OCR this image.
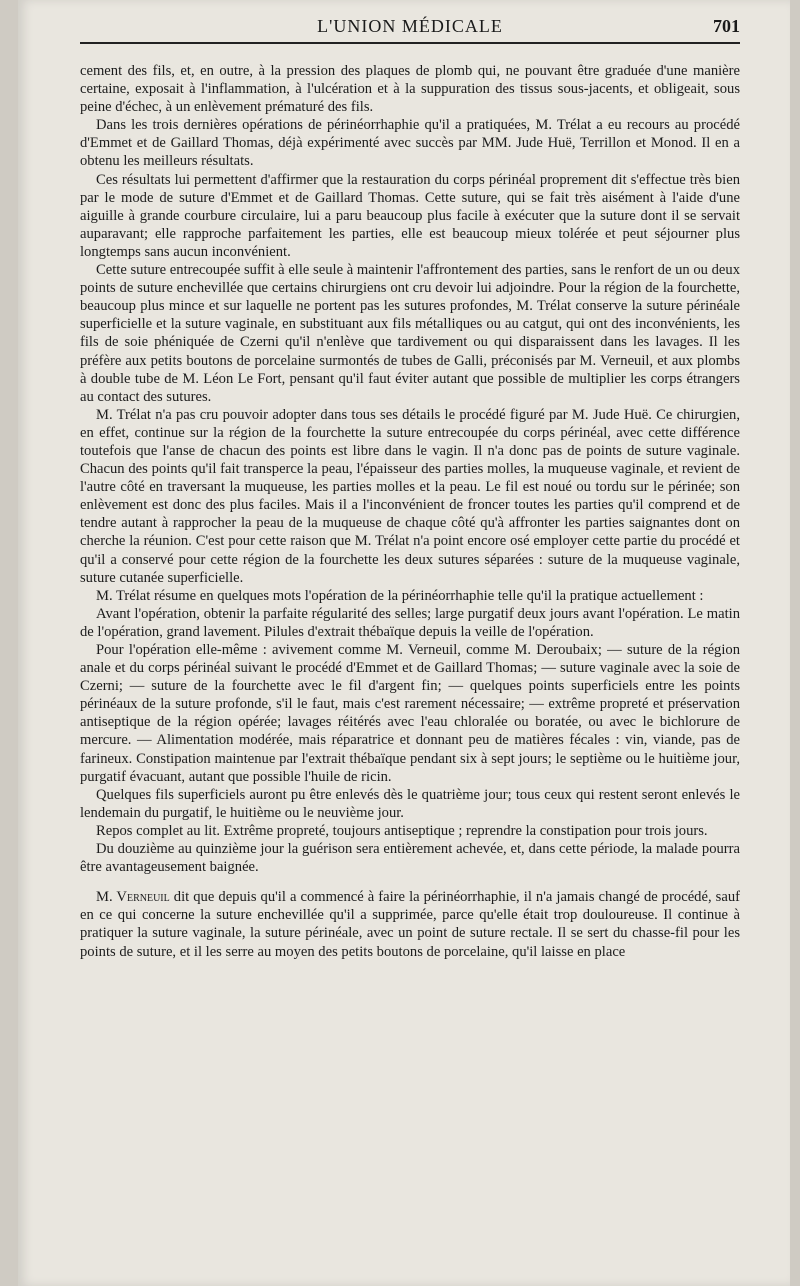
L'UNION MÉDICALE	701

cement des fils, et, en outre, à la pression des plaques de plomb qui, ne pouvant être graduée d'une manière certaine, exposait à l'inflammation, à l'ulcération et à la suppuration des tissus sous-jacents, et obligeait, sous peine d'échec, à un enlèvement prématuré des fils.

Dans les trois dernières opérations de périnéorrhaphie qu'il a pratiquées, M. Trélat a eu recours au procédé d'Emmet et de Gaillard Thomas, déjà expérimenté avec succès par MM. Jude Huë, Terrillon et Monod. Il en a obtenu les meilleurs résultats.

Ces résultats lui permettent d'affirmer que la restauration du corps périnéal proprement dit s'effectue très bien par le mode de suture d'Emmet et de Gaillard Thomas. Cette suture, qui se fait très aisément à l'aide d'une aiguille à grande courbure circulaire, lui a paru beaucoup plus facile à exécuter que la suture dont il se servait auparavant; elle rapproche parfaitement les parties, elle est beaucoup mieux tolérée et peut séjourner plus longtemps sans aucun inconvénient.

Cette suture entrecoupée suffit à elle seule à maintenir l'affrontement des parties, sans le renfort de un ou deux points de suture enchevillée que certains chirurgiens ont cru devoir lui adjoindre. Pour la région de la fourchette, beaucoup plus mince et sur laquelle ne portent pas les sutures profondes, M. Trélat conserve la suture périnéale superficielle et la suture vaginale, en substituant aux fils métalliques ou au catgut, qui ont des inconvénients, les fils de soie phéniquée de Czerni qu'il n'enlève que tardivement ou qui disparaissent dans les lavages. Il les préfère aux petits boutons de porcelaine surmontés de tubes de Galli, préconisés par M. Verneuil, et aux plombs à double tube de M. Léon Le Fort, pensant qu'il faut éviter autant que possible de multiplier les corps étrangers au contact des sutures.

M. Trélat n'a pas cru pouvoir adopter dans tous ses détails le procédé figuré par M. Jude Huë. Ce chirurgien, en effet, continue sur la région de la fourchette la suture entrecoupée du corps périnéal, avec cette différence toutefois que l'anse de chacun des points est libre dans le vagin. Il n'a donc pas de points de suture vaginale. Chacun des points qu'il fait transperce la peau, l'épaisseur des parties molles, la muqueuse vaginale, et revient de l'autre côté en traversant la muqueuse, les parties molles et la peau. Le fil est noué ou tordu sur le périnée; son enlèvement est donc des plus faciles. Mais il a l'inconvénient de froncer toutes les parties qu'il comprend et de tendre autant à rapprocher la peau de la muqueuse de chaque côté qu'à affronter les parties saignantes dont on cherche la réunion. C'est pour cette raison que M. Trélat n'a point encore osé employer cette partie du procédé et qu'il a conservé pour cette région de la fourchette les deux sutures séparées : suture de la muqueuse vaginale, suture cutanée superficielle.

M. Trélat résume en quelques mots l'opération de la périnéorrhaphie telle qu'il la pratique actuellement :

Avant l'opération, obtenir la parfaite régularité des selles; large purgatif deux jours avant l'opération. Le matin de l'opération, grand lavement. Pilules d'extrait thébaïque depuis la veille de l'opération.

Pour l'opération elle-même : avivement comme M. Verneuil, comme M. Deroubaix; — suture de la région anale et du corps périnéal suivant le procédé d'Emmet et de Gaillard Thomas; — suture vaginale avec la soie de Czerni; — suture de la fourchette avec le fil d'argent fin; — quelques points superficiels entre les points périnéaux de la suture profonde, s'il le faut, mais c'est rarement nécessaire; — extrême propreté et préservation antiseptique de la région opérée; lavages réitérés avec l'eau chloralée ou boratée, ou avec le bichlorure de mercure. — Alimentation modérée, mais réparatrice et donnant peu de matières fécales : vin, viande, pas de farineux. Constipation maintenue par l'extrait thébaïque pendant six à sept jours; le septième ou le huitième jour, purgatif évacuant, autant que possible l'huile de ricin.

Quelques fils superficiels auront pu être enlevés dès le quatrième jour; tous ceux qui restent seront enlevés le lendemain du purgatif, le huitième ou le neuvième jour.

Repos complet au lit. Extrême propreté, toujours antiseptique ; reprendre la constipation pour trois jours.

Du douzième au quinzième jour la guérison sera entièrement achevée, et, dans cette période, la malade pourra être avantageusement baignée.

M. Verneuil dit que depuis qu'il a commencé à faire la périnéorrhaphie, il n'a jamais changé de procédé, sauf en ce qui concerne la suture enchevillée qu'il a supprimée, parce qu'elle était trop douloureuse. Il continue à pratiquer la suture vaginale, la suture périnéale, avec un point de suture rectale. Il se sert du chasse-fil pour les points de suture, et il les serre au moyen des petits boutons de porcelaine, qu'il laisse en place
